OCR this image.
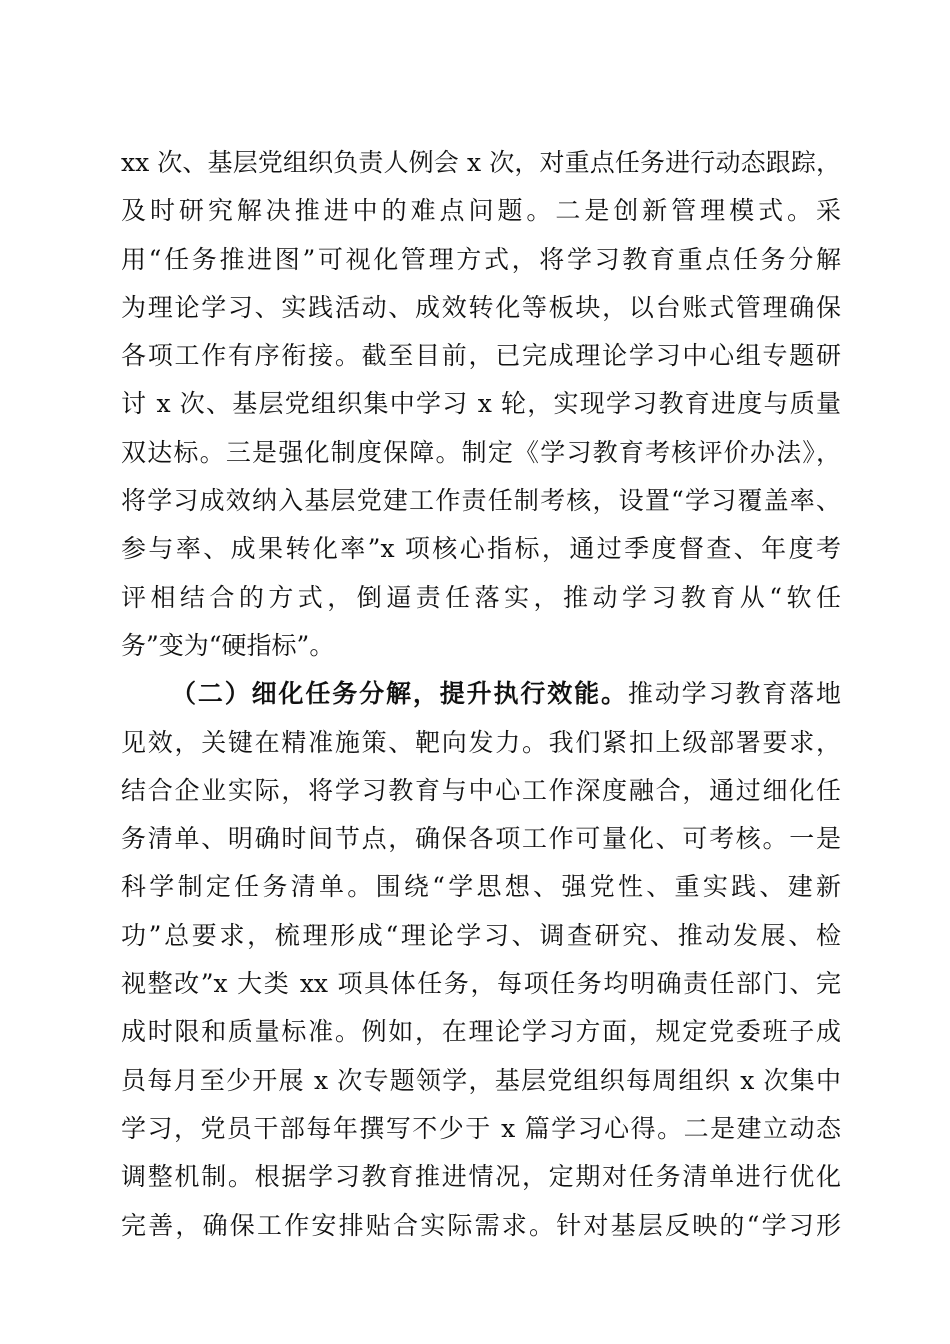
xx 次、基层党组织负责人例会 x 次，对重点任务进行动态跟踪，
及时研究解决推进中的难点问题。二是创新管理模式。采
用“任务推进图”可视化管理方式，将学习教育重点任务分解
为理论学习、实践活动、成效转化等板块，以台账式管理确保
各项工作有序衔接。截至目前，已完成理论学习中心组专题研
讨 x 次、基层党组织集中学习 x 轮，实现学习教育进度与质量
双达标。三是强化制度保障。制定《学习教育考核评价办法》，
将学习成效纳入基层党建工作责任制考核，设置“学习覆盖率、
参与率、成果转化率”x 项核心指标，通过季度督查、年度考
评相结合的方式，倒逼责任落实，推动学习教育从“软任
务”变为“硬指标”。
（二）细化任务分解，提升执行效能。推动学习教育落地
见效，关键在精准施策、靶向发力。我们紧扣上级部署要求，
结合企业实际，将学习教育与中心工作深度融合，通过细化任
务清单、明确时间节点，确保各项工作可量化、可考核。一是
科学制定任务清单。围绕“学思想、强党性、重实践、建新
功”总要求，梳理形成“理论学习、调查研究、推动发展、检
视整改”x 大类 xx 项具体任务，每项任务均明确责任部门、完
成时限和质量标准。例如，在理论学习方面，规定党委班子成
员每月至少开展 x 次专题领学，基层党组织每周组织 x 次集中
学习，党员干部每年撰写不少于 x 篇学习心得。二是建立动态
调整机制。根据学习教育推进情况，定期对任务清单进行优化
完善，确保工作安排贴合实际需求。针对基层反映的“学习形
